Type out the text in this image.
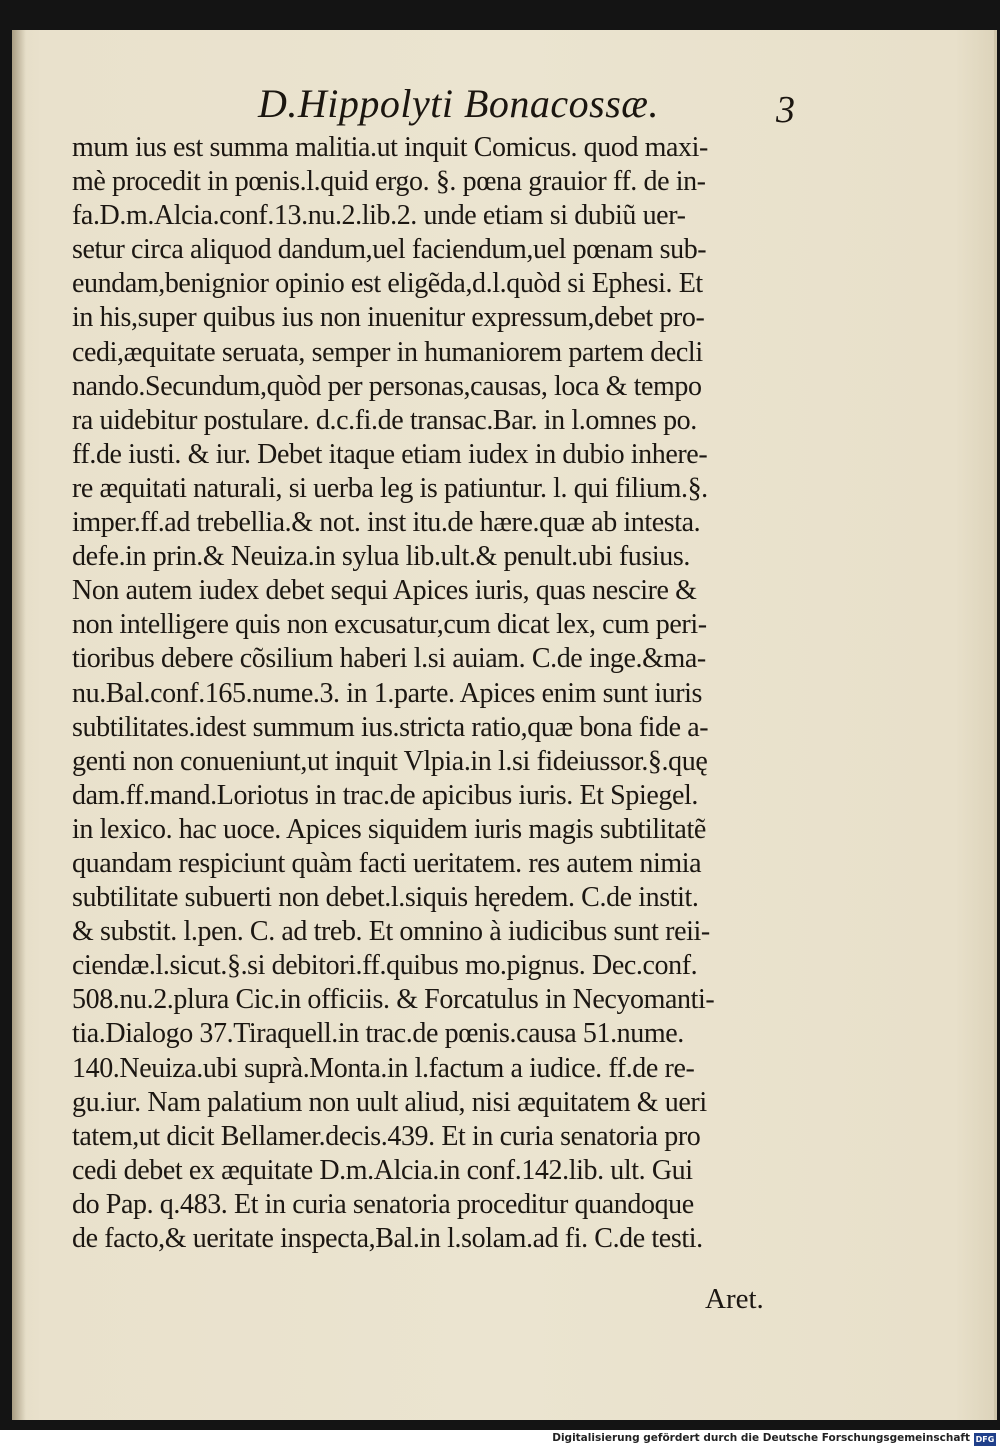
D.Hippolyti Bonacossæ.	3
mum ius est summa malitia.ut inquit Comicus. quod maxi-
mè procedit in pœnis.l.quid ergo. §. pœna grauior ff. de in-
fa.D.m.Alcia.conf.13.nu.2.lib.2. unde etiam si dubiũ uer-
setur circa aliquod dandum,uel faciendum,uel pœnam sub-
eundam,benignior opinio est eligẽda,d.l.quòd si Ephesi. Et
in his,super quibus ius non inuenitur expressum,debet pro-
cedi,æquitate seruata, semper in humaniorem partem decli
nando.Secundum,quòd per personas,causas, loca & tempo
ra uidebitur postulare. d.c.fi.de transac.Bar. in l.omnes po.
ff.de iusti. & iur. Debet itaque etiam iudex in dubio inhere-
re æquitati naturali, si uerba leg is patiuntur. l. qui filium.§.
imper.ff.ad trebellia.& not. inst itu.de hære.quæ ab intesta.
defe.in prin.& Neuiza.in sylua lib.ult.& penult.ubi fusius.
Non autem iudex debet sequi Apices iuris, quas nescire &
non intelligere quis non excusatur,cum dicat lex, cum peri-
tioribus debere cõsilium haberi l.si auiam. C.de inge.&ma-
nu.Bal.conf.165.nume.3. in 1.parte. Apices enim sunt iuris
subtilitates.idest summum ius.stricta ratio,quæ bona fide a-
genti non conueniunt,ut inquit Vlpia.in l.si fideiussor.§.quę
dam.ff.mand.Loriotus in trac.de apicibus iuris. Et Spiegel.
in lexico. hac uoce. Apices siquidem iuris magis subtilitatẽ
quandam respiciunt quàm facti ueritatem. res autem nimia
subtilitate subuerti non debet.l.siquis hęredem. C.de instit.
& substit. l.pen. C. ad treb. Et omnino à iudicibus sunt reii-
ciendæ.l.sicut.§.si debitori.ff.quibus mo.pignus. Dec.conf.
508.nu.2.plura Cic.in officiis. & Forcatulus in Necyomanti-
tia.Dialogo 37.Tiraquell.in trac.de pœnis.causa 51.nume.
140.Neuiza.ubi suprà.Monta.in l.factum a iudice. ff.de re-
gu.iur. Nam palatium non uult aliud, nisi æquitatem & ueri
tatem,ut dicit Bellamer.decis.439. Et in curia senatoria pro
cedi debet ex æquitate D.m.Alcia.in conf.142.lib. ult. Gui
do Pap. q.483. Et in curia senatoria proceditur quandoque
de facto,& ueritate inspecta,Bal.in l.solam.ad fi. C.de testi.
Aret.
Digitalisierung gefördert durch die Deutsche Forschungsgemeinschaft DFG
